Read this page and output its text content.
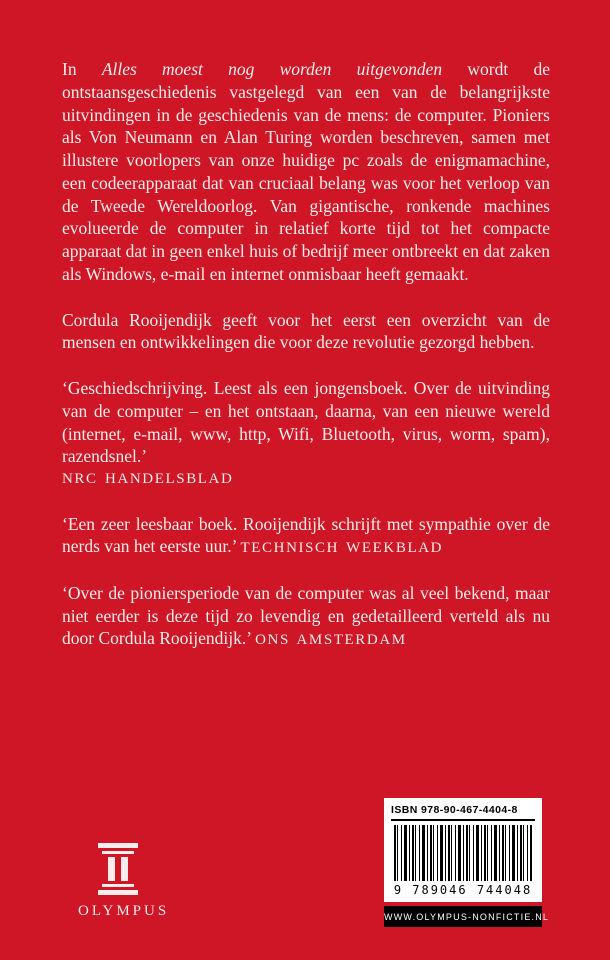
In Alles moest nog worden uitgevonden wordt de ontstaansgeschiedenis vastgelegd van een van de belangrijkste uitvindingen in de geschiedenis van de mens: de computer. Pioniers als Von Neumann en Alan Turing worden beschreven, samen met illustere voorlopers van onze huidige pc zoals de enigmamachine, een codeerapparaat dat van cruciaal belang was voor het verloop van de Tweede Wereldoorlog. Van gigantische, ronkende machines evolueerde de computer in relatief korte tijd tot het compacte apparaat dat in geen enkel huis of bedrijf meer ontbreekt en dat zaken als Windows, e-mail en internet onmisbaar heeft gemaakt.

Cordula Rooijendijk geeft voor het eerst een overzicht van de mensen en ontwikkelingen die voor deze revolutie gezorgd hebben.

‘Geschiedschrijving. Leest als een jongensboek. Over de uitvinding van de computer – en het ontstaan, daarna, van een nieuwe wereld (internet, e-mail, www, http, Wifi, Bluetooth, virus, worm, spam), razendsnel.’
NRC HANDELSBLAD

‘Een zeer leesbaar boek. Rooijendijk schrijft met sympathie over de nerds van het eerste uur.’ TECHNISCH WEEKBLAD

‘Over de pioniersperiode van de computer was al veel bekend, maar niet eerder is deze tijd zo levendig en gedetailleerd verteld als nu door Cordula Rooijendijk.’ ONS AMSTERDAM

OLYMPUS
ISBN 978-90-467-4404-8
9 789046 744048
WWW.OLYMPUS-NONFICTIE.NL
